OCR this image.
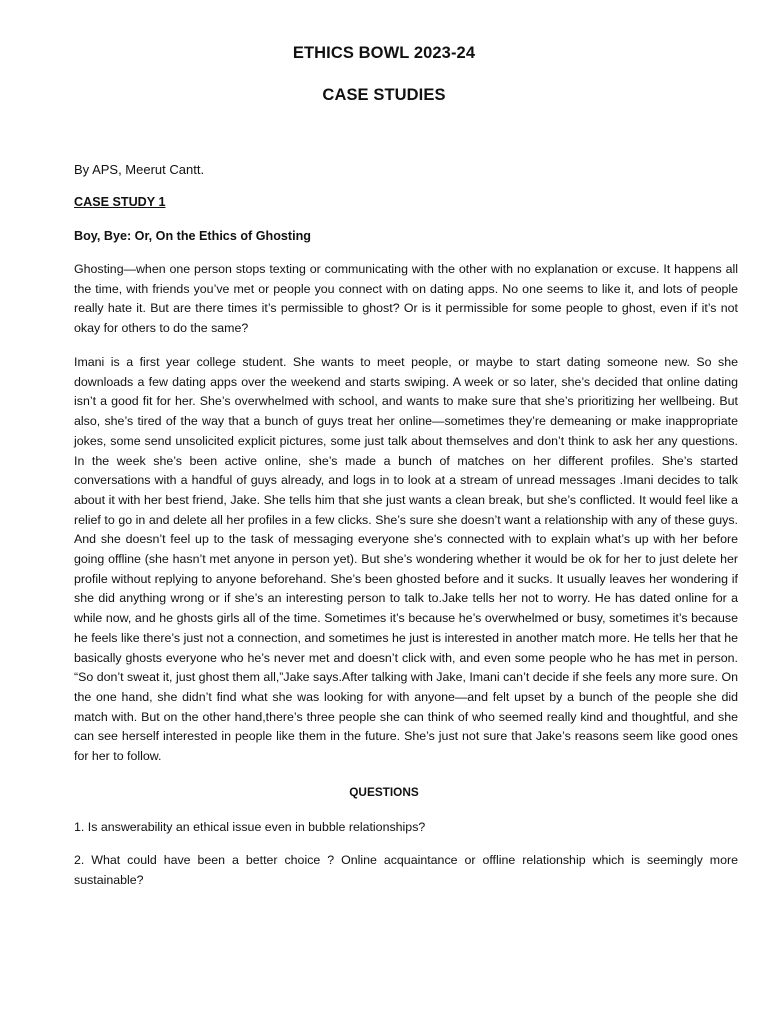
ETHICS BOWL 2023-24
CASE STUDIES
By APS, Meerut Cantt.
CASE STUDY 1
Boy, Bye: Or, On the Ethics of Ghosting
Ghosting—when one person stops texting or communicating with the other with no explanation or excuse. It happens all the time, with friends you’ve met or people you connect with on dating apps. No one seems to like it, and lots of people really hate it. But are there times it’s permissible to ghost? Or is it permissible for some people to ghost, even if it’s not okay for others to do the same?
Imani is a first year college student. She wants to meet people, or maybe to start dating someone new. So she downloads a few dating apps over the weekend and starts swiping. A week or so later, she’s decided that online dating isn’t a good fit for her. She’s overwhelmed with school, and wants to make sure that she’s prioritizing her wellbeing. But also, she’s tired of the way that a bunch of guys treat her online—sometimes they’re demeaning or make inappropriate jokes, some send unsolicited explicit pictures, some just talk about themselves and don’t think to ask her any questions. In the week she’s been active online, she’s made a bunch of matches on her different profiles. She’s started conversations with a handful of guys already, and logs in to look at a stream of unread messages .Imani decides to talk about it with her best friend, Jake. She tells him that she just wants a clean break, but she’s conflicted. It would feel like a relief to go in and delete all her profiles in a few clicks. She’s sure she doesn’t want a relationship with any of these guys. And she doesn’t feel up to the task of messaging everyone she’s connected with to explain what’s up with her before going offline (she hasn’t met anyone in person yet). But she’s wondering whether it would be ok for her to just delete her profile without replying to anyone beforehand. She’s been ghosted before and it sucks. It usually leaves her wondering if she did anything wrong or if she’s an interesting person to talk to.Jake tells her not to worry. He has dated online for a while now, and he ghosts girls all of the time. Sometimes it’s because he’s overwhelmed or busy, sometimes it’s because he feels like there’s just not a connection, and sometimes he just is interested in another match more. He tells her that he basically ghosts everyone who he’s never met and doesn’t click with, and even some people who he has met in person. “So don’t sweat it, just ghost them all,”Jake says.After talking with Jake, Imani can’t decide if she feels any more sure. On the one hand, she didn’t find what she was looking for with anyone—and felt upset by a bunch of the people she did match with. But on the other hand,there’s three people she can think of who seemed really kind and thoughtful, and she can see herself interested in people like them in the future. She’s just not sure that Jake’s reasons seem like good ones for her to follow.
QUESTIONS
1. Is answerability an ethical issue even in bubble relationships?
2. What could have been a better choice ? Online acquaintance or offline relationship which is seemingly more sustainable?
